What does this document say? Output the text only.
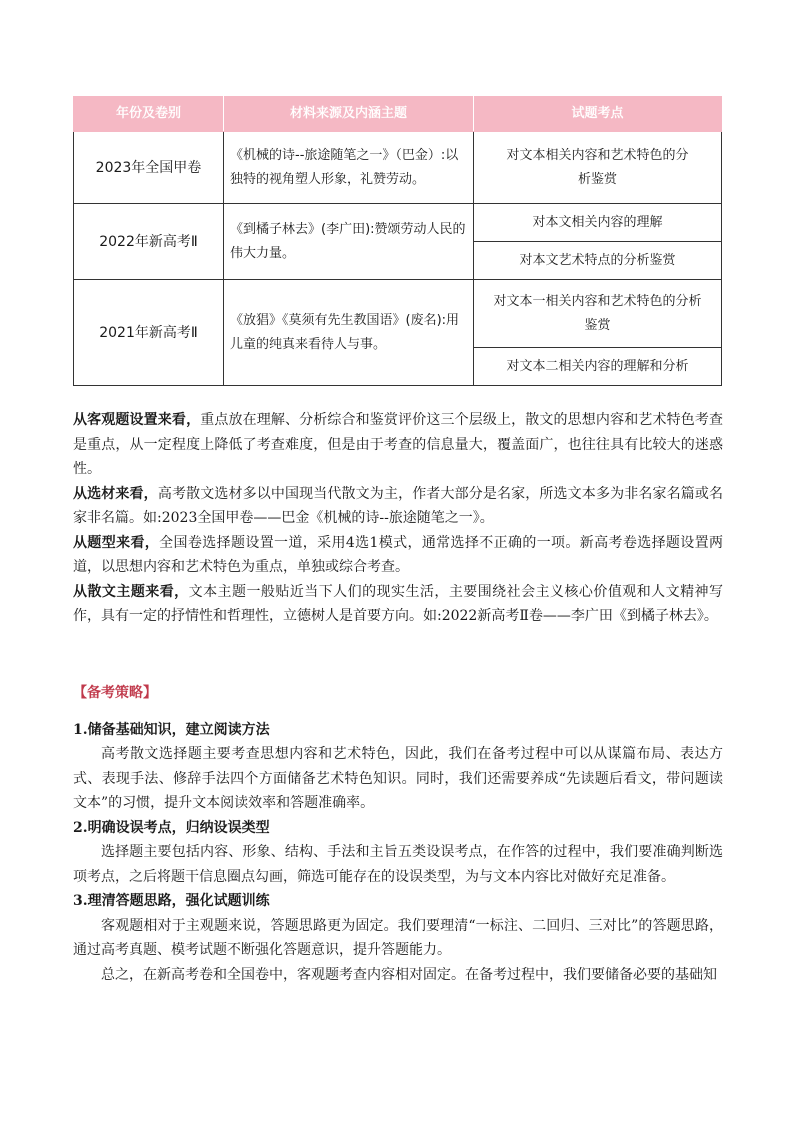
年份及卷别	材料来源及内涵主题	试题考点
2023年全国甲卷	《机械的诗--旅途随笔之一》（巴金）:以独特的视角塑人形象，礼赞劳动。	对文本相关内容和艺术特色的分析鉴赏
2022年新高考Ⅱ	《到橘子林去》(李广田):赞颂劳动人民的伟大力量。	对本文相关内容的理解
		对本文艺术特点的分析鉴赏
2021年新高考Ⅱ	《放猖》《莫须有先生教国语》(废名):用儿童的纯真来看待人与事。	对文本一相关内容和艺术特色的分析鉴赏
		对文本二相关内容的理解和分析

从客观题设置来看，重点放在理解、分析综合和鉴赏评价这三个层级上，散文的思想内容和艺术特色考查是重点，从一定程度上降低了考查难度，但是由于考查的信息量大，覆盖面广，也往往具有比较大的迷惑性。

从选材来看，高考散文选材多以中国现当代散文为主，作者大部分是名家，所选文本多为非名家名篇或名家非名篇。如:2023全国甲卷——巴金《机械的诗--旅途随笔之一》。

从题型来看，全国卷选择题设置一道，采用4选1模式，通常选择不正确的一项。新高考卷选择题设置两道，以思想内容和艺术特色为重点，单独或综合考查。

从散文主题来看，文本主题一般贴近当下人们的现实生活，主要围绕社会主义核心价值观和人文精神写作，具有一定的抒情性和哲理性，立德树人是首要方向。如:2022新高考Ⅱ卷——李广田《到橘子林去》。

【备考策略】

1.储备基础知识，建立阅读方法

高考散文选择题主要考查思想内容和艺术特色，因此，我们在备考过程中可以从谋篇布局、表达方式、表现手法、修辞手法四个方面储备艺术特色知识。同时，我们还需要养成“先读题后看文，带问题读文本”的习惯，提升文本阅读效率和答题准确率。

2.明确设误考点，归纳设误类型

选择题主要包括内容、形象、结构、手法和主旨五类设误考点，在作答的过程中，我们要准确判断选项考点，之后将题干信息圈点勾画，筛选可能存在的设误类型，为与文本内容比对做好充足准备。

3.理清答题思路，强化试题训练

客观题相对于主观题来说，答题思路更为固定。我们要理清“一标注、二回归、三对比”的答题思路，通过高考真题、模考试题不断强化答题意识，提升答题能力。

总之，在新高考卷和全国卷中，客观题考查内容相对固定。在备考过程中，我们要储备必要的基础知
